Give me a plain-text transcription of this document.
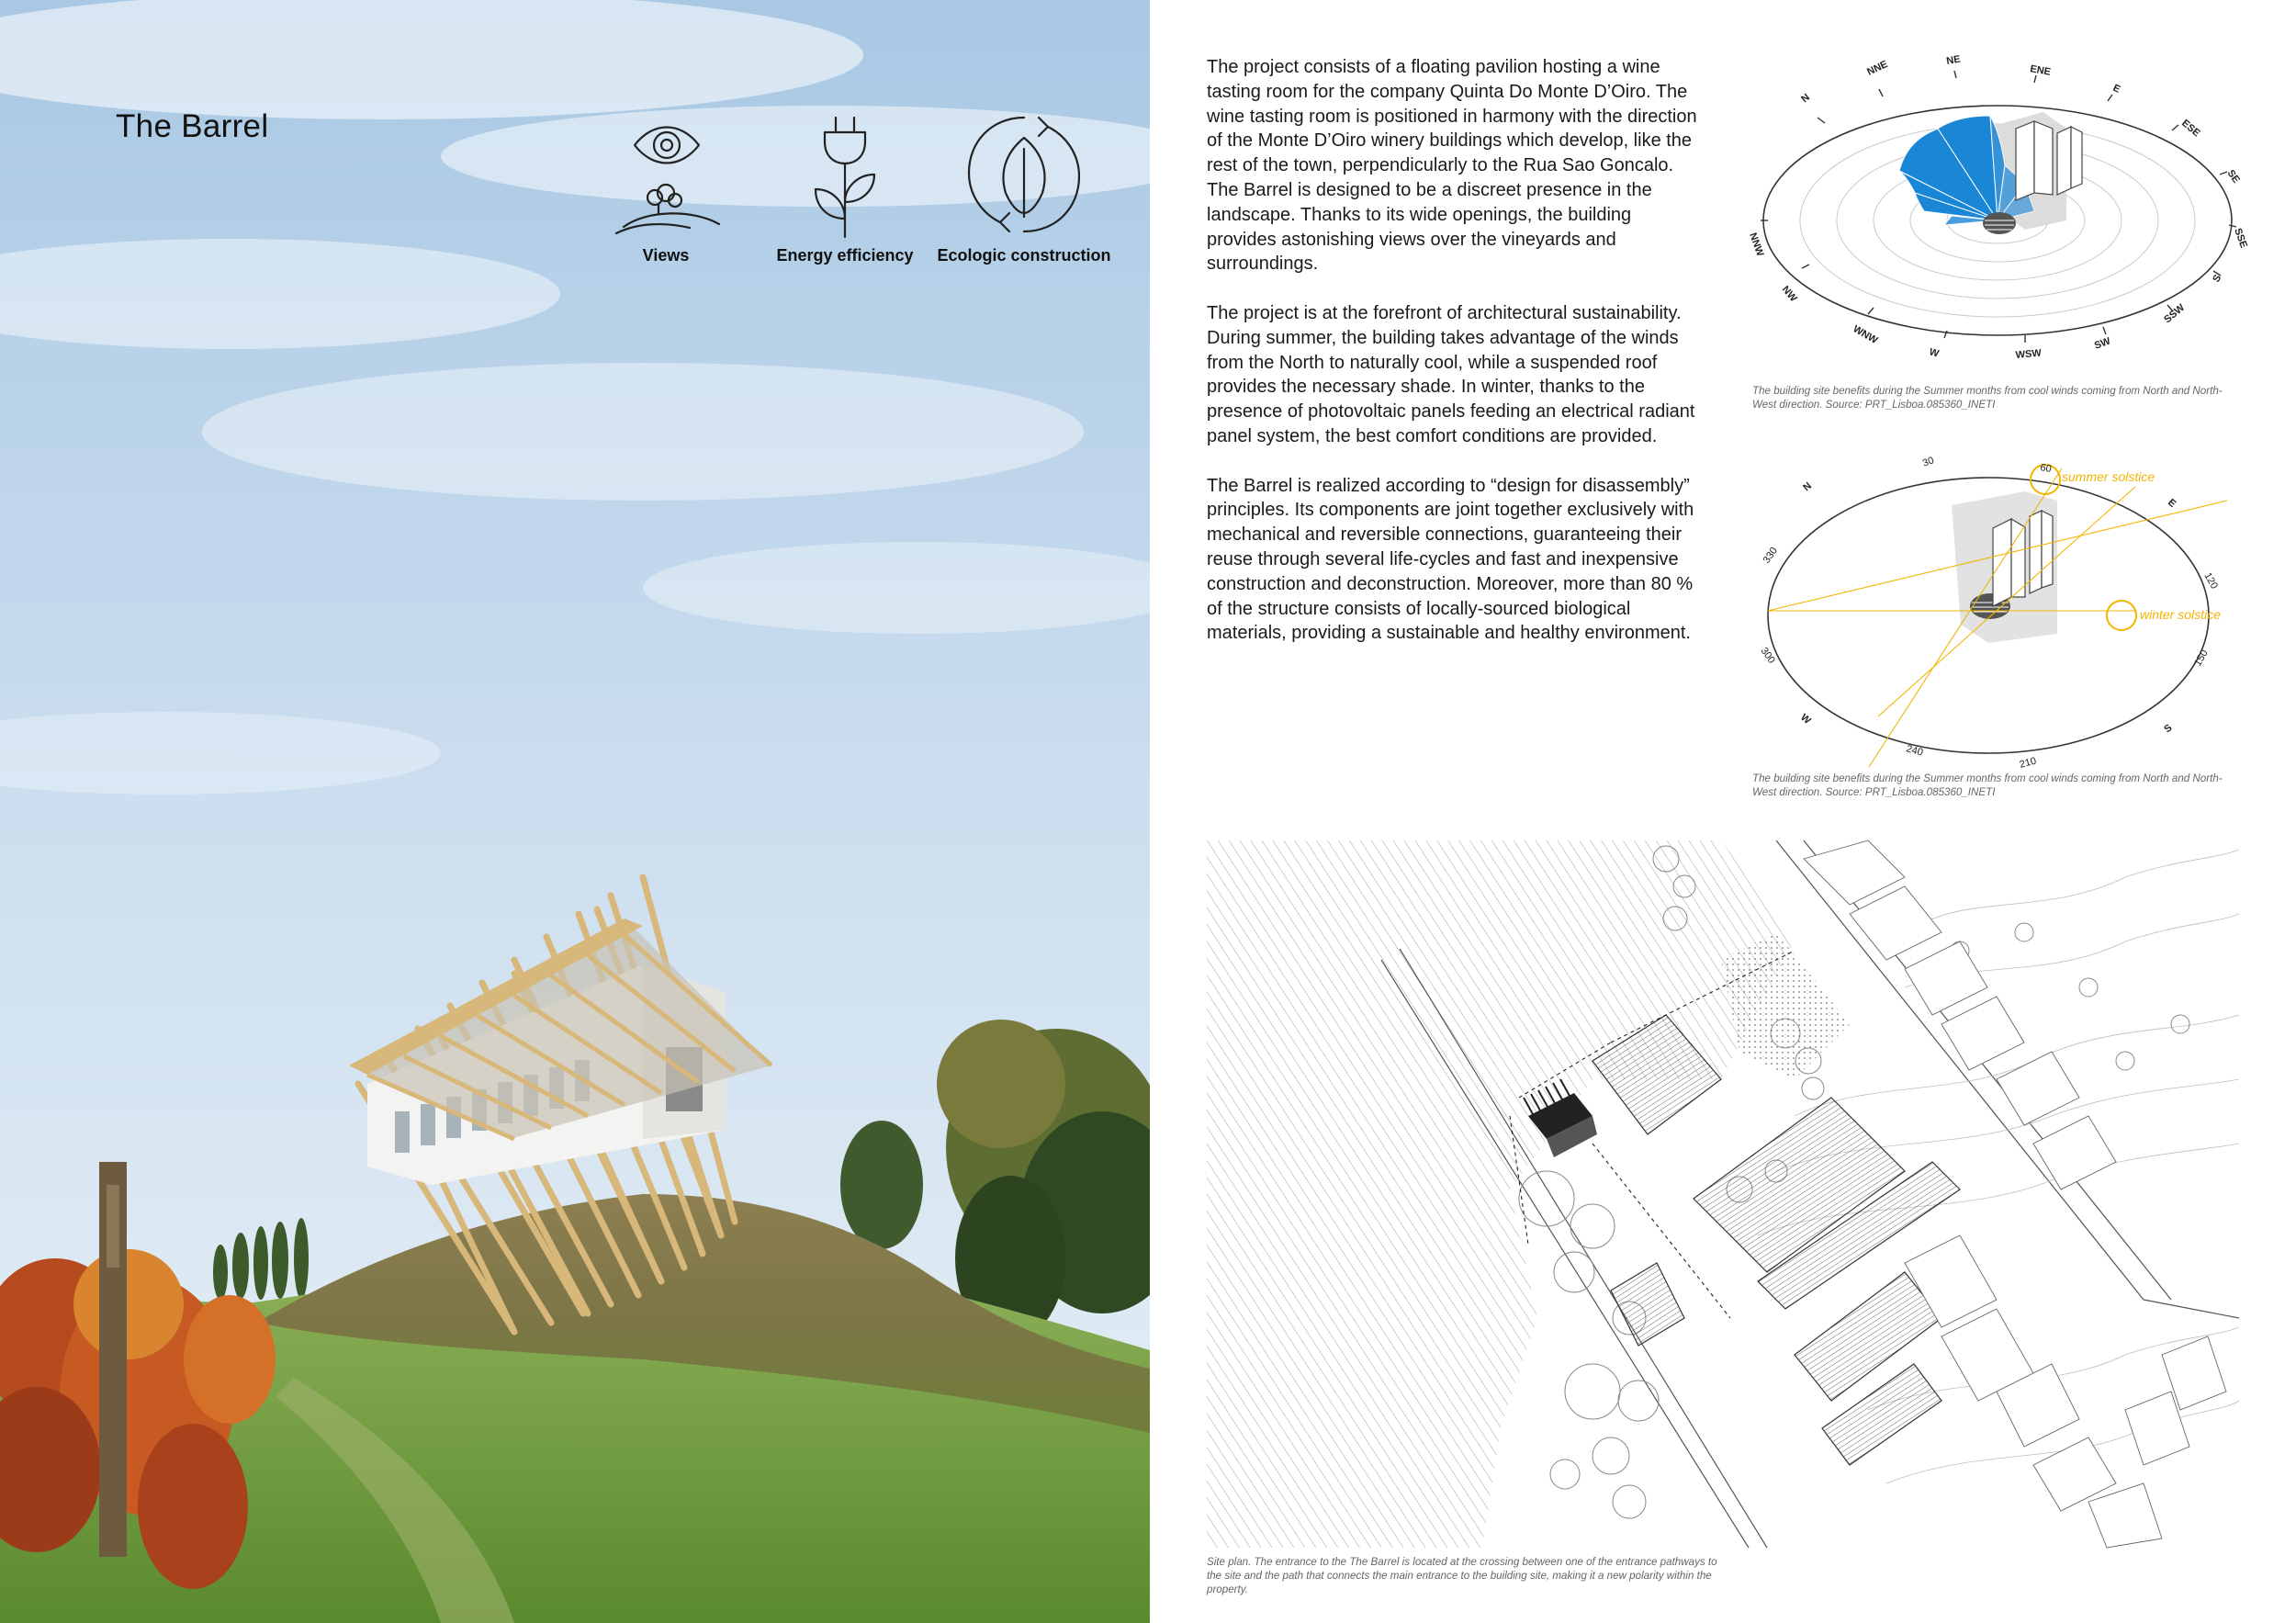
The Barrel
Views	Energy efficiency	Ecologic construction

The project consists of a floating pavilion hosting a wine tasting room for the company Quinta Do Monte D’Oiro. The wine tasting room is positioned in harmony with the direction of the Monte D’Oiro winery buildings which develop, like the rest of the town, perpendicularly to the Rua Sao Goncalo. The Barrel is designed to be a discreet presence in the landscape. Thanks to its wide openings, the building provides astonishing views over the vineyards and surroundings.

The project is at the forefront of architectural sustainability. During summer, the building takes advantage of the winds from the North to naturally cool, while a suspended roof provides the necessary shade. In winter, thanks to the presence of photovoltaic panels feeding an electrical radiant panel system, the best comfort conditions are provided.

The Barrel is realized according to “design for disassembly” principles. Its components are joint together exclusively with mechanical and reversible connections, guaranteeing their reuse through several life-cycles and fast and inexpensive construction and deconstruction. Moreover, more than 80 % of the structure consists of locally-sourced biological materials, providing a sustainable and healthy environment.

N
NNE	NE
ENE
E
ESE
SE
SSE
S
SSW
SW
WSW
W
WNW
NW
NNW
The building site benefits during the Summer months from cool winds coming from North and North-West direction. Source: PRT_Lisboa.085360_INETI
summer solstice
winter solstice
N
E
S
W
30	60
120
150
210
240
300
330
The building site benefits during the Summer months from cool winds coming from North and North-West direction. Source: PRT_Lisboa.085360_INETI
Site plan. The entrance to the The Barrel is located at the crossing between one of the entrance pathways to the site and the path that connects the main entrance to the building site, making it a new polarity within the property.
